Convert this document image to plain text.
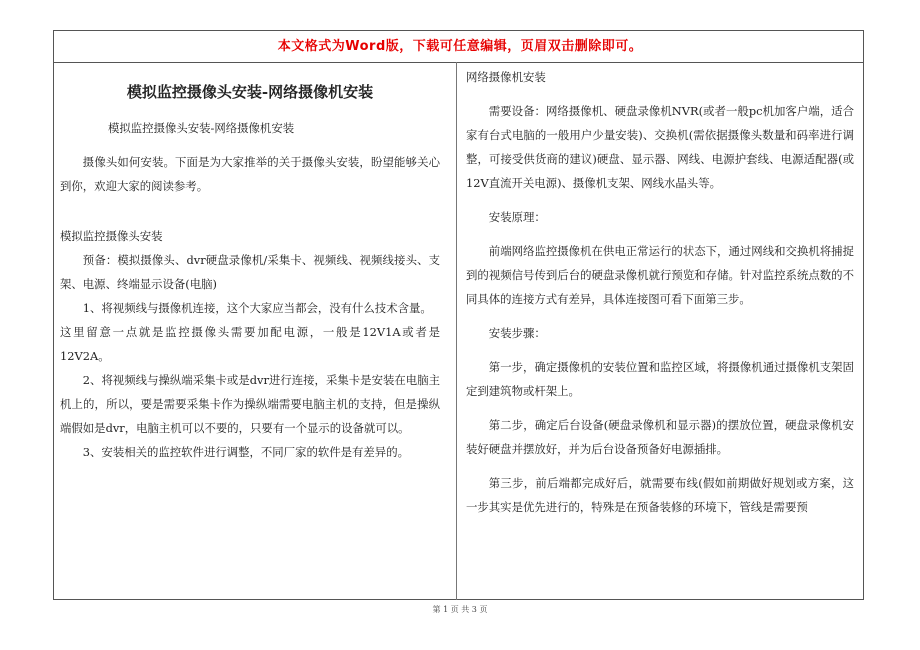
本文格式为Word版，下载可任意编辑，页眉双击删除即可。

模拟监控摄像头安装-网络摄像机安装

模拟监控摄像头安装-网络摄像机安装

摄像头如何安装。下面是为大家推举的关于摄像头安装，盼望能够关心到你，欢迎大家的阅读参考。

模拟监控摄像头安装

预备：模拟摄像头、dvr硬盘录像机/采集卡、视频线、视频线接头、支架、电源、终端显示设备(电脑)

1、将视频线与摄像机连接，这个大家应当都会，没有什么技术含量。

这里留意一点就是监控摄像头需要加配电源，一般是12V1A或者是12V2A。

2、将视频线与操纵端采集卡或是dvr进行连接，采集卡是安装在电脑主机上的，所以，要是需要采集卡作为操纵端需要电脑主机的支持，但是操纵端假如是dvr，电脑主机可以不要的，只要有一个显示的设备就可以。

3、安装相关的监控软件进行调整，不同厂家的软件是有差异的。

网络摄像机安装

需要设备：网络摄像机、硬盘录像机NVR(或者一般pc机加客户端，适合家有台式电脑的一般用户少量安装)、交换机(需依据摄像头数量和码率进行调整，可接受供货商的建议)硬盘、显示器、网线、电源护套线、电源适配器(或12V直流开关电源)、摄像机支架、网线水晶头等。

安装原理：

前端网络监控摄像机在供电正常运行的状态下，通过网线和交换机将捕捉到的视频信号传到后台的硬盘录像机就行预览和存储。针对监控系统点数的不同具体的连接方式有差异，具体连接图可看下面第三步。

安装步骤：

第一步，确定摄像机的安装位置和监控区域，将摄像机通过摄像机支架固定到建筑物或杆架上。

第二步，确定后台设备(硬盘录像机和显示器)的摆放位置，硬盘录像机安装好硬盘并摆放好，并为后台设备预备好电源插排。

第三步，前后端都完成好后，就需要布线(假如前期做好规划或方案，这一步其实是优先进行的，特殊是在预备装修的环境下，管线是需要预

第 1 页 共 3 页
